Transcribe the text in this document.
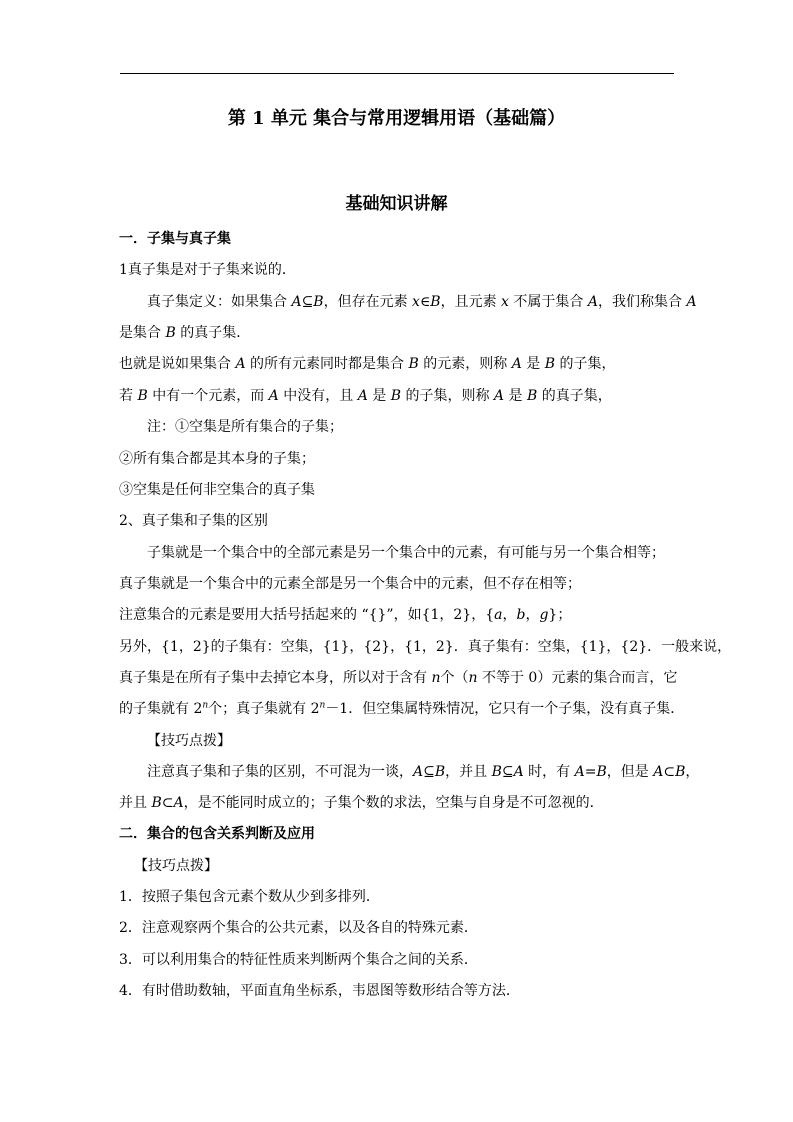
第 1 单元 集合与常用逻辑用语（基础篇）
基础知识讲解
一．子集与真子集
1真子集是对于子集来说的．
真子集定义：如果集合 A⊆B，但存在元素 x∈B，且元素 x 不属于集合 A，我们称集合 A
是集合 B 的真子集．
也就是说如果集合 A 的所有元素同时都是集合 B 的元素，则称 A 是 B 的子集，
若 B 中有一个元素，而 A 中没有，且 A 是 B 的子集，则称 A 是 B 的真子集，
注：①空集是所有集合的子集；
②所有集合都是其本身的子集；
③空集是任何非空集合的真子集
2、真子集和子集的区别
子集就是一个集合中的全部元素是另一个集合中的元素，有可能与另一个集合相等；
真子集就是一个集合中的元素全部是另一个集合中的元素，但不存在相等；
注意集合的元素是要用大括号括起来的 “{}”，如{1，2}，{a，b，g}；
另外，{1，2}的子集有：空集，{1}，{2}，{1，2}．真子集有：空集，{1}，{2}．一般来说，
真子集是在所有子集中去掉它本身，所以对于含有 n个（n 不等于 0）元素的集合而言，它
的子集就有 2$^n$个；真子集就有 $2^n-1$．但空集属特殊情况，它只有一个子集，没有真子集．
【技巧点拨】
注意真子集和子集的区别，不可混为一谈，A⊆B，并且 B⊆A 时，有 A=B，但是 A⊂B，
并且 B⊂A，是不能同时成立的；子集个数的求法，空集与自身是不可忽视的．
二．集合的包含关系判断及应用
【技巧点拨】
1．按照子集包含元素个数从少到多排列．
2．注意观察两个集合的公共元素，以及各自的特殊元素．
3．可以利用集合的特征性质来判断两个集合之间的关系．
4．有时借助数轴，平面直角坐标系，韦恩图等数形结合等方法．
